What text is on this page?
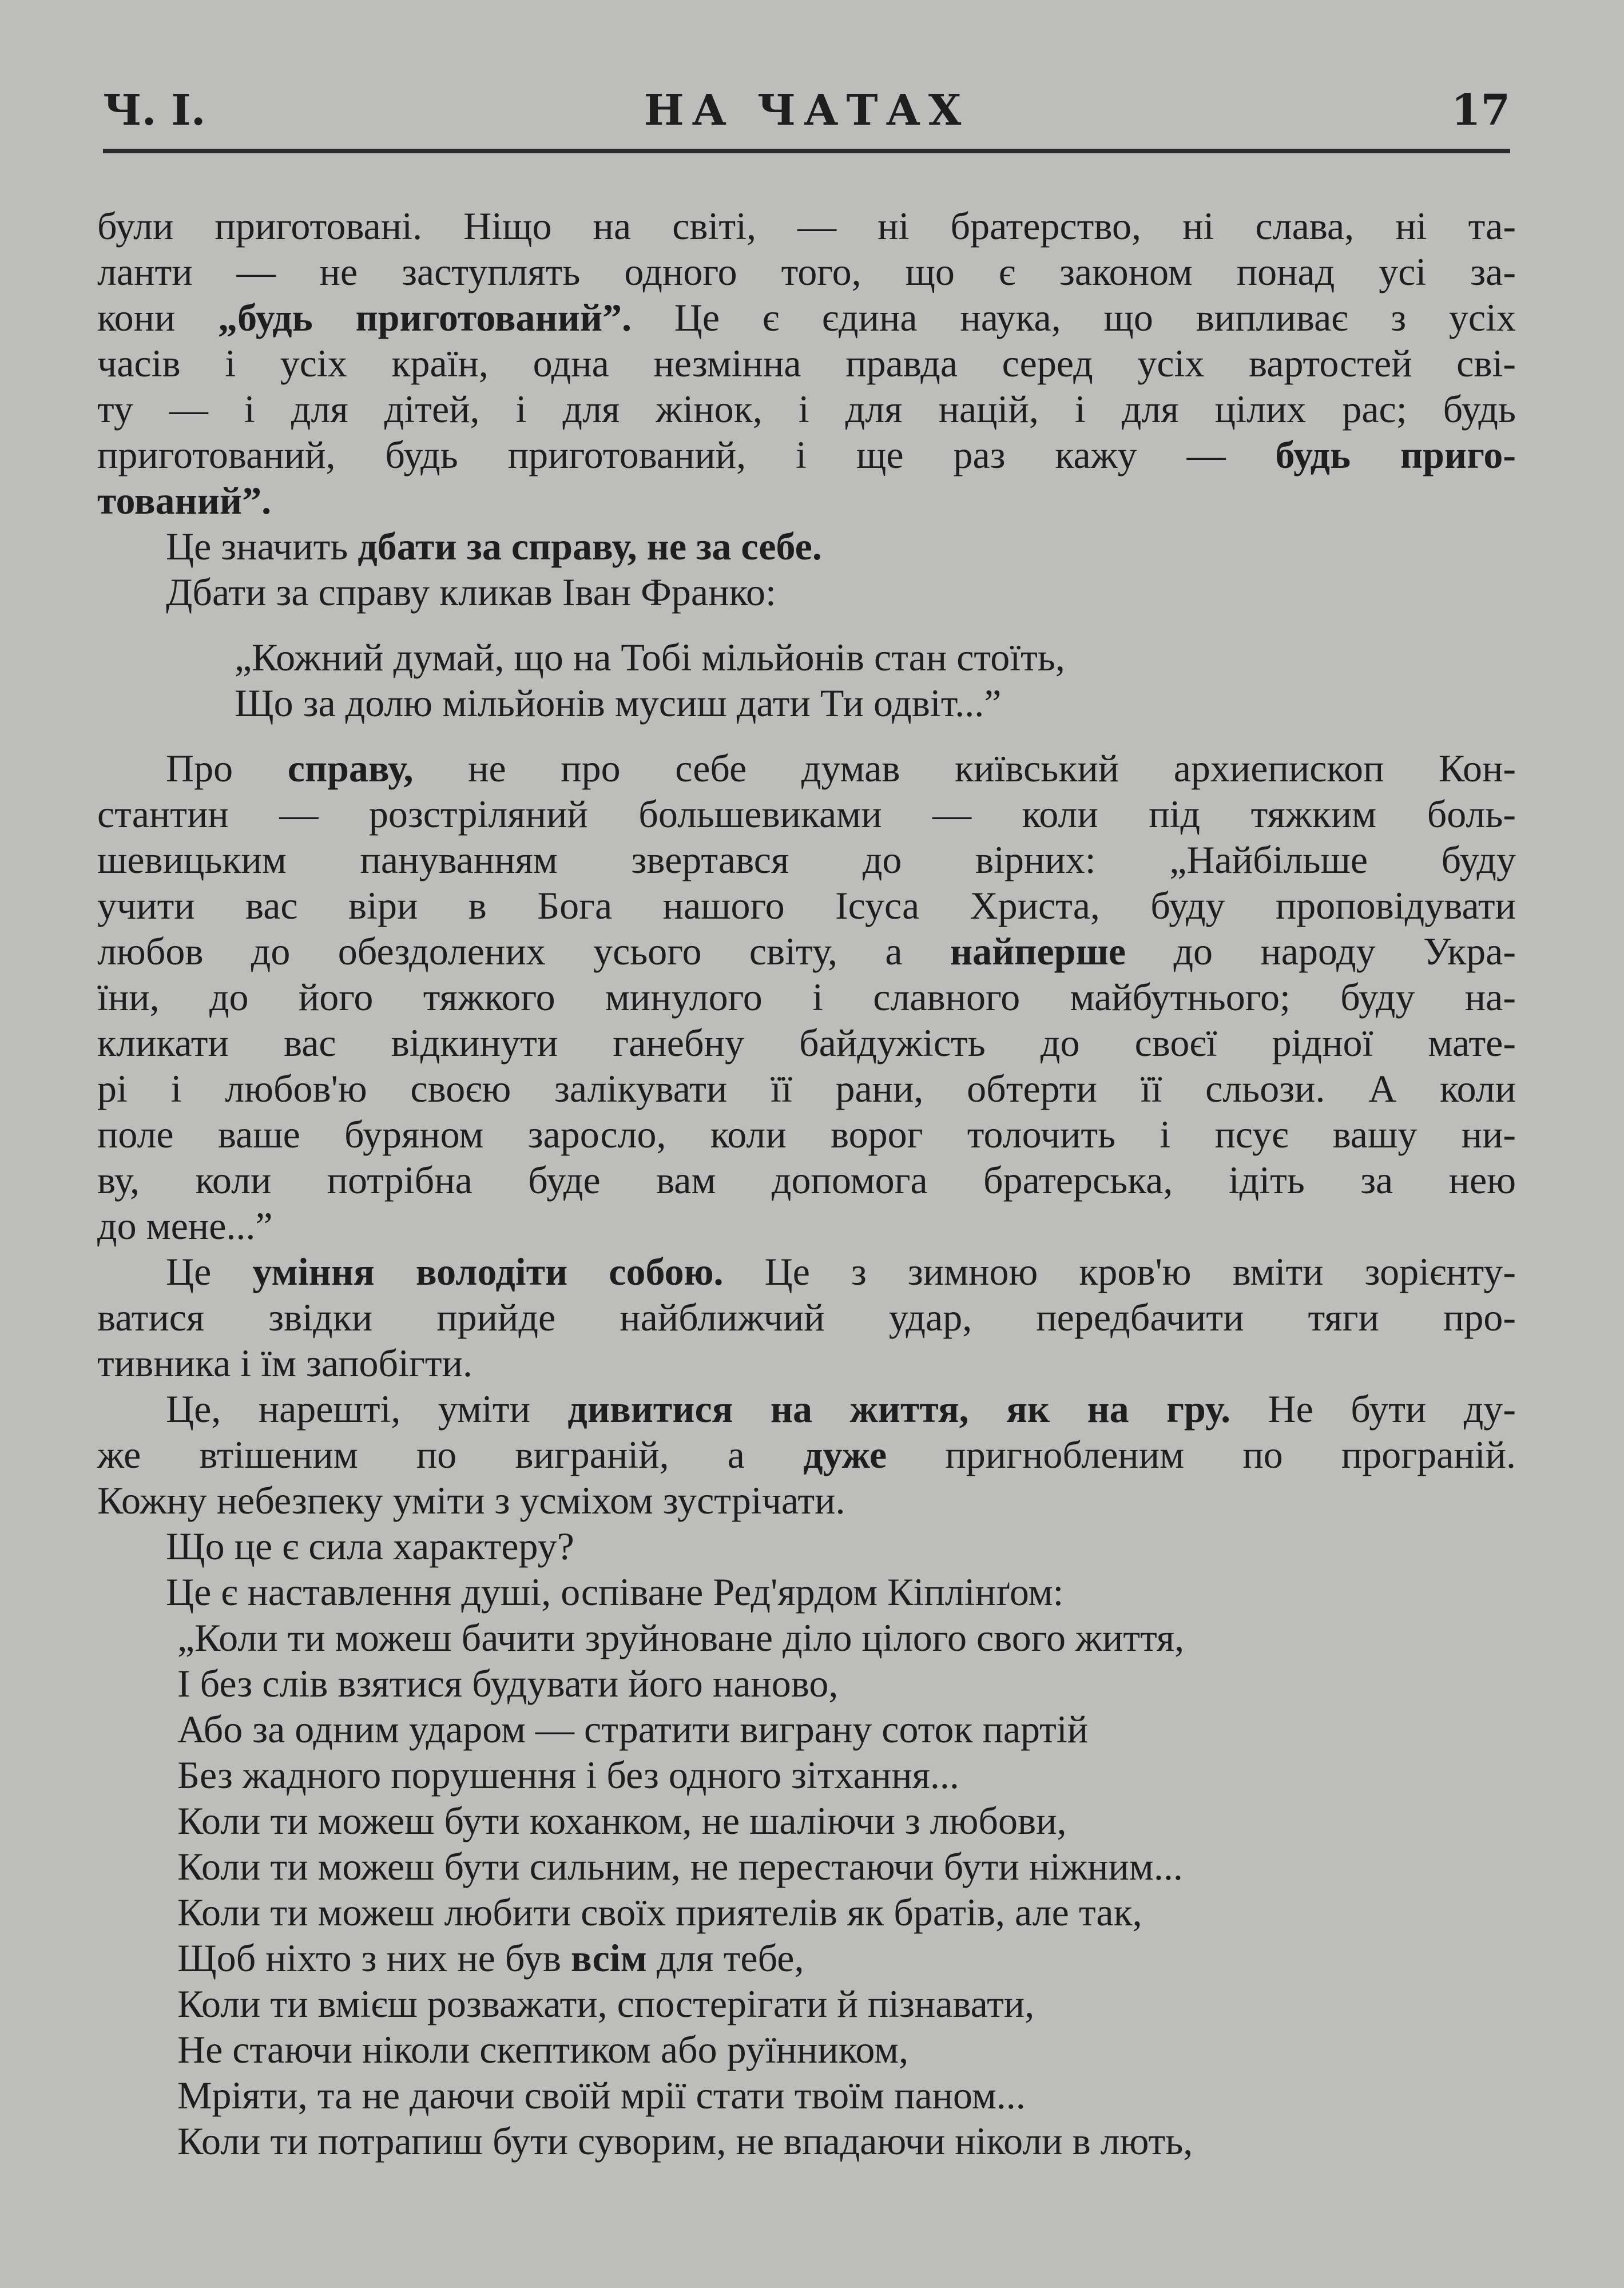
НА ЧАТАХ
Ч. I.	17
були приготовані. Ніщо на світі, — ні братерство, ні слава, ні та-
ланти — не заступлять одного того, що є законом понад усі за-
кони „будь приготований”. Це є єдина наука, що випливає з усіх
часів і усіх країн, одна незмінна правда серед усіх вартостей сві-
ту — і для дітей, і для жінок, і для націй, і для цілих рас; будь
приготований, будь приготований, і ще раз кажу — будь приго-
тований”.
Це значить дбати за справу, не за себе.
Дбати за справу кликав Іван Франко:
„Кожний думай, що на Тобі мільйонів стан стоїть,
Що за долю мільйонів мусиш дати Ти одвіт...”
Про справу, не про себе думав київський архиепископ Кон-
стантин — розстріляний большевиками — коли під тяжким боль-
шевицьким пануванням звертався до вірних: „Найбільше буду
учити вас віри в Бога нашого Ісуса Христа, буду проповідувати
любов до обездолених усього світу, а найперше до народу Укра-
їни, до його тяжкого минулого і славного майбутнього; буду на-
кликати вас відкинути ганебну байдужість до своєї рідної мате-
рі і любов'ю своєю залікувати її рани, обтерти її сльози. А коли
поле ваше буряном заросло, коли ворог толочить і псує вашу ни-
ву, коли потрібна буде вам допомога братерська, ідіть за нею
до мене...”
Це уміння володіти собою. Це з зимною кров'ю вміти зорієнту-
ватися звідки прийде найближчий удар, передбачити тяги про-
тивника і їм запобігти.
Це, нарешті, уміти дивитися на життя, як на гру. Не бути ду-
же втішеним по виграній, а дуже пригнобленим по програній.
Кожну небезпеку уміти з усміхом зустрічати.
Що це є сила характеру?
Це є наставлення душі, оспіване Ред'ярдом Кіплінґом:
„Коли ти можеш бачити зруйноване діло цілого свого життя,
І без слів взятися будувати його наново,
Або за одним ударом — стратити виграну соток партій
Без жадного порушення і без одного зітхання...
Коли ти можеш бути коханком, не шаліючи з любови,
Коли ти можеш бути сильним, не перестаючи бути ніжним...
Коли ти можеш любити своїх приятелів як братів, але так,
Щоб ніхто з них не був всім для тебе,
Коли ти вмієш розважати, спостерігати й пізнавати,
Не стаючи ніколи скептиком або руїнником,
Мріяти, та не даючи своїй мрії стати твоїм паном...
Коли ти потрапиш бути суворим, не впадаючи ніколи в лють,
